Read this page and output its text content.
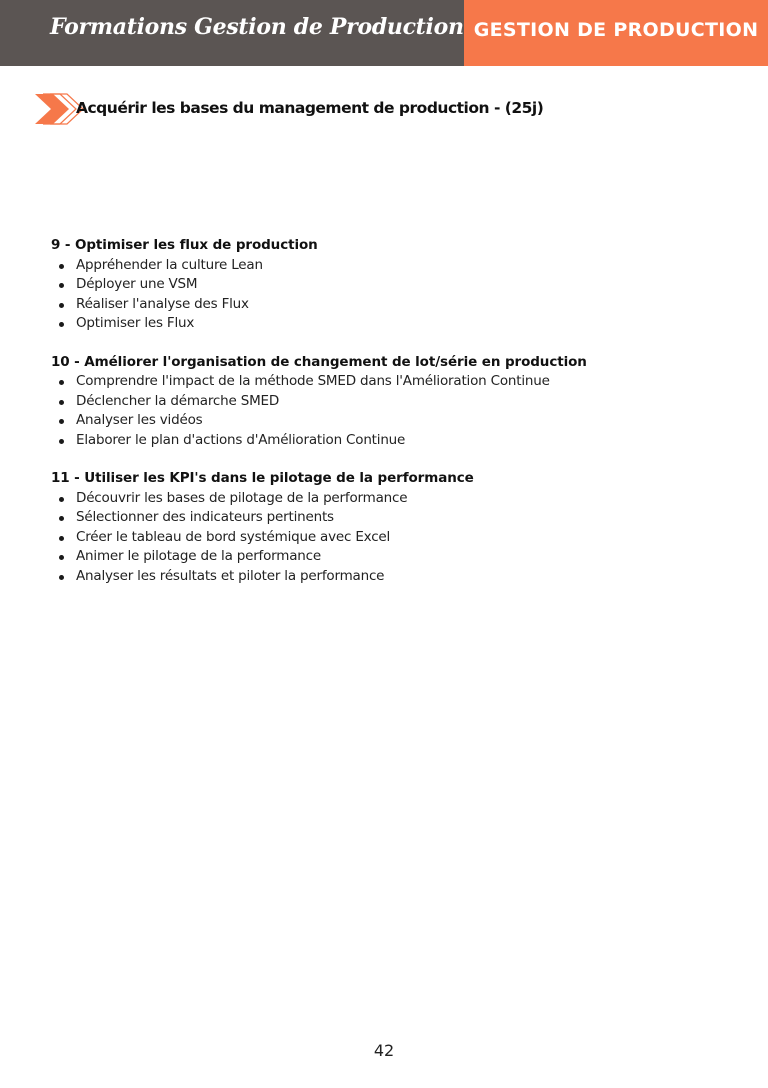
Formations Gestion de Production GESTION DE PRODUCTION
Acquérir les bases du management de production - (25j)
9 - Optimiser les flux de production
Appréhender la culture Lean
Déployer une VSM
Réaliser l'analyse des Flux
Optimiser les Flux
10 - Améliorer l'organisation de changement de lot/série en production
Comprendre l'impact de la méthode SMED dans l'Amélioration Continue
Déclencher la démarche SMED
Analyser les vidéos
Elaborer le plan d'actions d'Amélioration Continue
11 - Utiliser les KPI's dans le pilotage de la performance
Découvrir les bases de pilotage de la performance
Sélectionner des indicateurs pertinents
Créer le tableau de bord systémique avec Excel
Animer le pilotage de la performance
Analyser les résultats et piloter la performance
42
